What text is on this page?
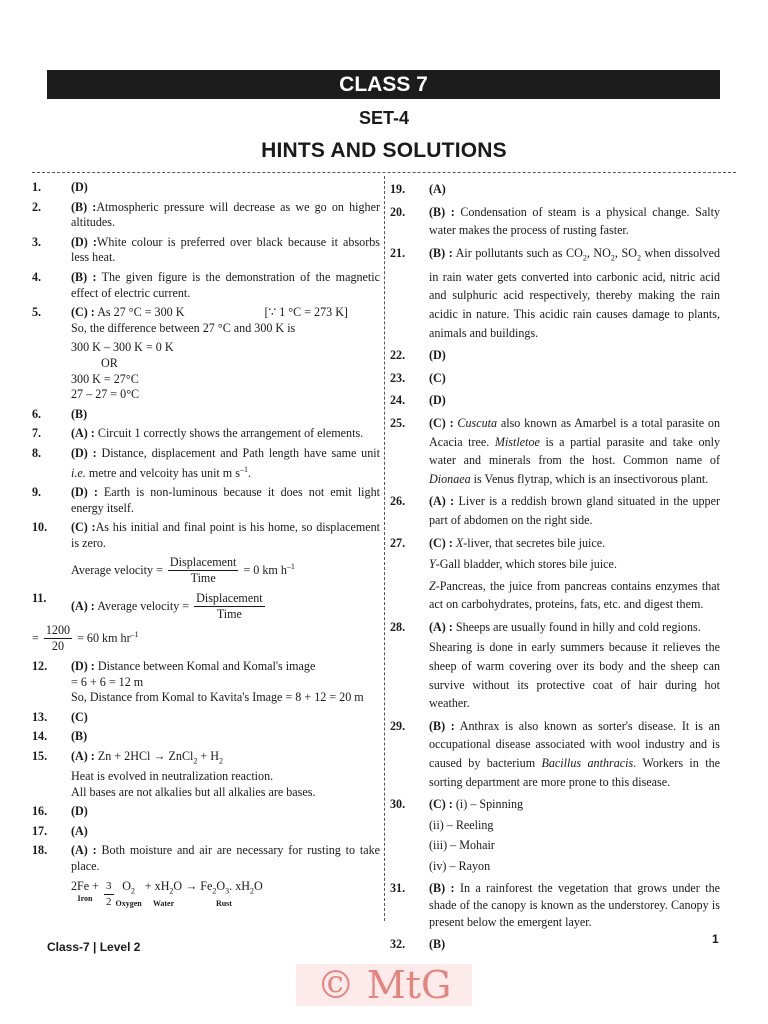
CLASS 7
SET-4
HINTS AND SOLUTIONS
1. (D)
2. (B) :Atmospheric pressure will decrease as we go on higher altitudes.
3. (D) :White colour is preferred over black because it absorbs less heat.
4. (B) : The given figure is the demonstration of the magnetic effect of electric current.
5. (C) : As 27 °C = 300 K	[∵ 1 °C = 273 K]
So, the difference between 27 °C and 300 K is
300 K – 300 K = 0 K
OR
300 K = 27°C
27 – 27 = 0°C
6. (B)
7. (A) : Circuit 1 correctly shows the arrangement of elements.
8. (D) : Distance, displacement and Path length have same unit i.e. metre and velcoity has unit m $s^{-1}$.
9. (D) : Earth is non-luminous because it does not emit light energy itself.
10. (C) :As his initial and final point is his home, so displacement is zero.
Average velocity = $\frac{\text{Displacement}}{\text{Time}} = 0$ km $h^{-1}$
11.
(A) : Average velocity = $\frac{\text{Displacement}}{\text{Time}}$
= $\frac{1200}{20} = 60$ km $hr^{-1}$
12. (D) : Distance between Komal and Komal's image
= 6 + 6 = 12 m
So, Distance from Komal to Kavita's Image = 8 + 12 = 20 m
13. (C)
14. (B)
15. (A) : Zn + 2HCl → ZnCl$_2$ + $H_2$
Heat is evolved in neutralization reaction.
All bases are not alkalies but all alkalies are bases.
16. (D)
17. (A)
18. (A) : Both moisture and air are necessary for rusting to take place.
2Fe +
Iron
	$\frac{3}{2} O_2$
Oxygen
+ $xH_2O$
Water
→ $Fe_2O_3$. $xH_2O$
Rust
19. (A)
20. (B) : Condensation of steam is a physical change. Salty water makes the process of rusting faster.
21. (B) : Air pollutants such as $CO_2$, $NO_2$, $SO_2$ when dissolved in rain water gets converted into carbonic acid, nitric acid and sulphuric acid respectively, thereby making the rain acidic in nature. This acidic rain causes damage to plants, animals and buildings.
22. (D)
23. (C)
24. (D)
25. (C) : Cuscuta also known as Amarbel is a total parasite on Acacia tree. Mistletoe is a partial parasite and take only water and minerals from the host. Common name of Dionaea is Venus flytrap, which is an insectivorous plant.
26. (A) : Liver is a reddish brown gland situated in the upper part of abdomen on the right side.
27. (C) : X-liver, that secretes bile juice.
Y-Gall bladder, which stores bile juice.
Z-Pancreas, the juice from pancreas contains enzymes that act on carbohydrates, proteins, fats, etc. and digest them.
28. (A) : Sheeps are usually found in hilly and cold regions.
Shearing is done in early summers because it relieves the sheep of warm covering over its body and the sheep can survive without its protective coat of hair during hot weather.
29. (B) : Anthrax is also known as sorter's disease. It is an occupational disease associated with wool industry and is caused by bacterium Bacillus anthracis. Workers in the sorting department are more prone to this disease.
30. (C) : (i) – Spinning
(ii) – Reeling
(iii) – Mohair
(iv) – Rayon
31. (B) : In a rainforest the vegetation that grows under the shade of the canopy is known as the understorey. Canopy is present below the emergent layer.
32. (B)
Class-7 | Level 2
1
© MtG
